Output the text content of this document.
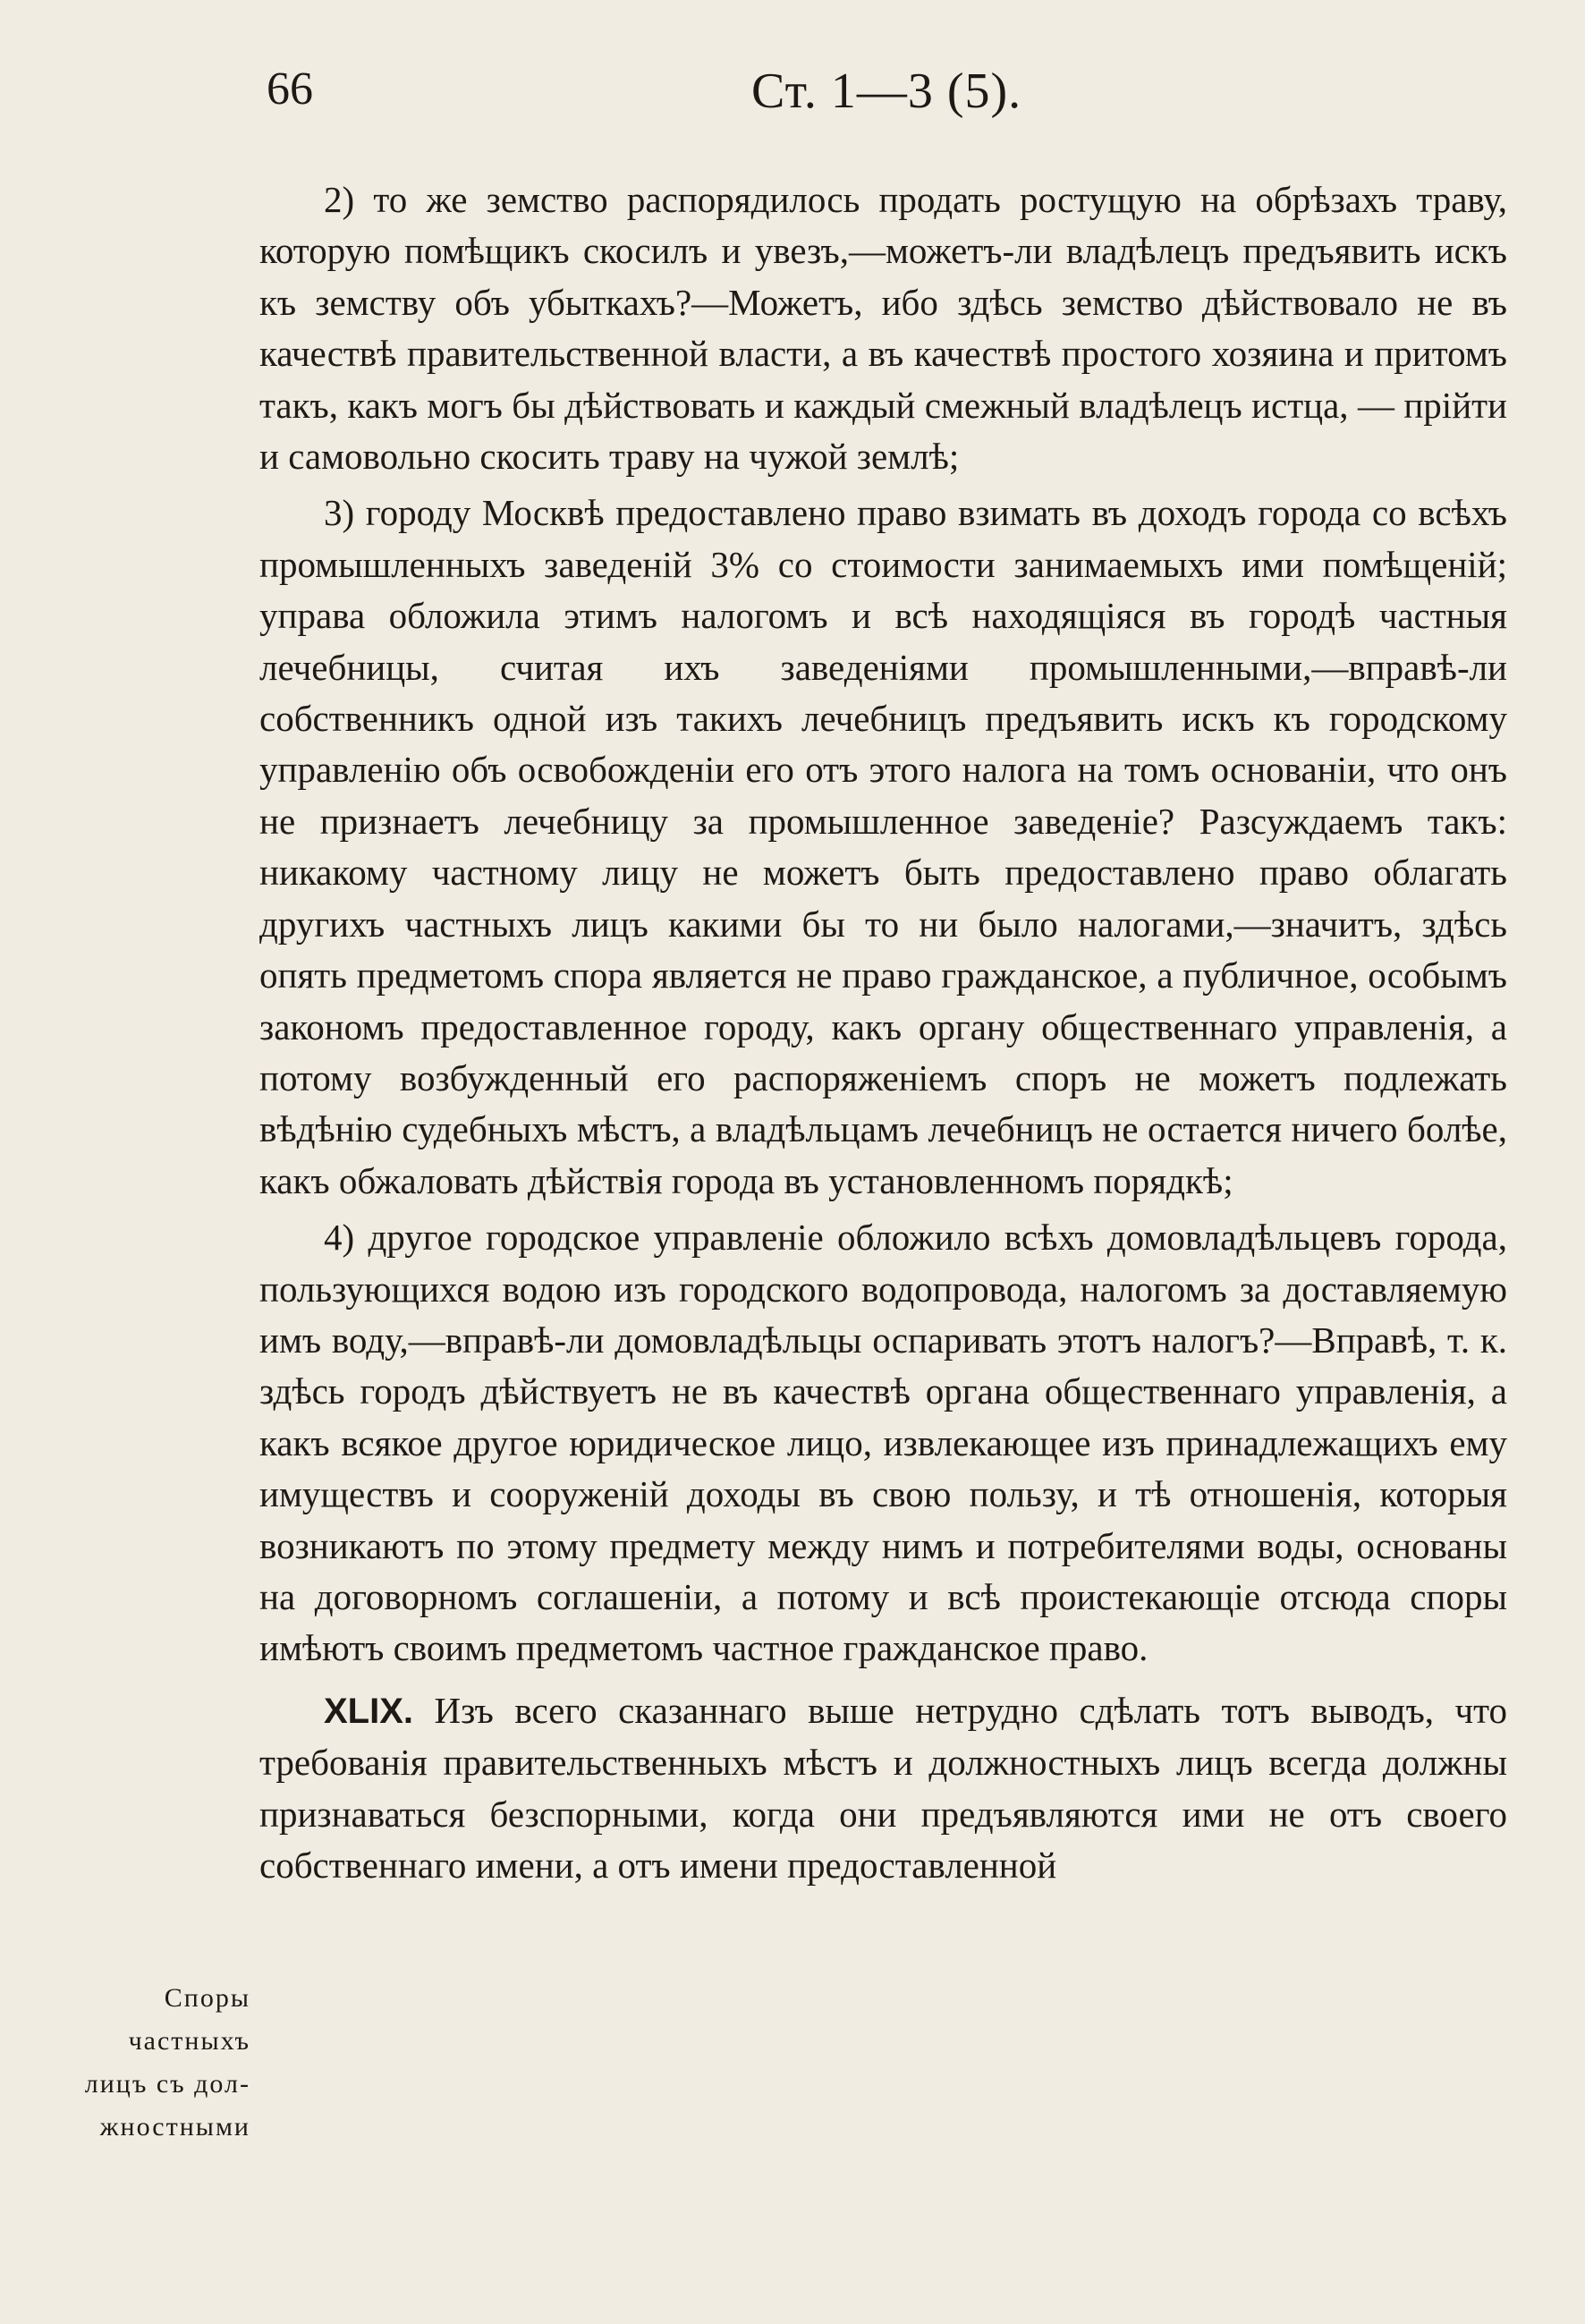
66	Ст. 1—3 (5).

2) то же земство распорядилось продать ростущую на обрѣзахъ траву, которую помѣщикъ скосилъ и увезъ,—можетъ-ли владѣлецъ предъявить искъ къ земству объ убыткахъ?—Можетъ, ибо здѣсь земство дѣйствовало не въ качествѣ правительственной власти, а въ качествѣ простого хозяина и притомъ такъ, какъ могъ бы дѣйствовать и каждый смежный владѣлецъ истца, — прійти и самовольно скосить траву на чужой землѣ;

3) городу Москвѣ предоставлено право взимать въ доходъ города со всѣхъ промышленныхъ заведеній 3% со стоимости занимаемыхъ ими помѣщеній; управа обложила этимъ налогомъ и всѣ находящіяся въ городѣ частныя лечебницы, считая ихъ заведеніями промышленными,—вправѣ-ли собственникъ одной изъ такихъ лечебницъ предъявить искъ къ городскому управленію объ освобожденіи его отъ этого налога на томъ основаніи, что онъ не признаетъ лечебницу за промышленное заведеніе? Разсуждаемъ такъ: никакому частному лицу не можетъ быть предоставлено право облагать другихъ частныхъ лицъ какими бы то ни было налогами,—значитъ, здѣсь опять предметомъ спора является не право гражданское, а публичное, особымъ закономъ предоставленное городу, какъ органу общественнаго управленія, а потому возбужденный его распоряженіемъ споръ не можетъ подлежать вѣдѣнію судебныхъ мѣстъ, а владѣльцамъ лечебницъ не остается ничего болѣе, какъ обжаловать дѣйствія города въ установленномъ порядкѣ;

4) другое городское управленіе обложило всѣхъ домовладѣльцевъ города, пользующихся водою изъ городского водопровода, налогомъ за доставляемую имъ воду,—вправѣ-ли домовладѣльцы оспаривать этотъ налогъ?—Вправѣ, т. к. здѣсь городъ дѣйствуетъ не въ качествѣ органа общественнаго управленія, а какъ всякое другое юридическое лицо, извлекающее изъ принадлежащихъ ему имуществъ и сооруженій доходы въ свою пользу, и тѣ отношенія, которыя возникаютъ по этому предмету между нимъ и потребителями воды, основаны на договорномъ соглашеніи, а потому и всѣ проистекающіе отсюда споры имѣютъ своимъ предметомъ частное гражданское право.

XLIX. Изъ всего сказаннаго выше нетрудно сдѣлать тотъ выводъ, что требованія правительственныхъ мѣстъ и должностныхъ лицъ всегда должны признаваться безспорными, когда они предъявляются ими не отъ своего собственнаго имени, а отъ имени предоставленной

Споры
частныхъ
лицъ съ дол-
жностными
